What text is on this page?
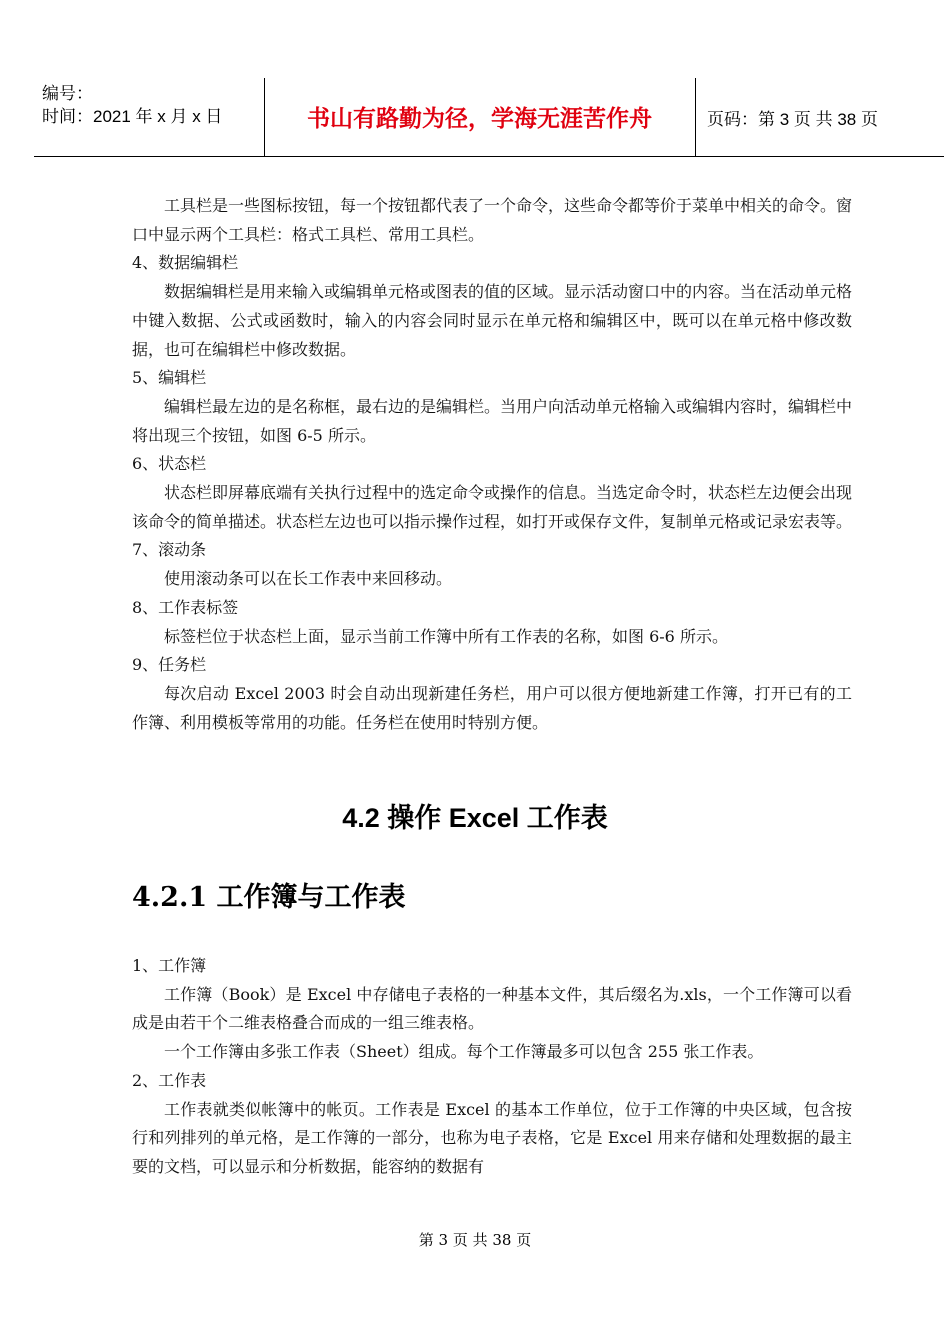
编号：
时间：2021 年 x 月 x 日	书山有路勤为径，学海无涯苦作舟	页码：第 3 页 共 38 页

工具栏是一些图标按钮，每一个按钮都代表了一个命令，这些命令都等价于菜单中相关的命令。窗口中显示两个工具栏：格式工具栏、常用工具栏。

4、数据编辑栏

数据编辑栏是用来输入或编辑单元格或图表的值的区域。显示活动窗口中的内容。当在活动单元格中键入数据、公式或函数时，输入的内容会同时显示在单元格和编辑区中，既可以在单元格中修改数据，也可在编辑栏中修改数据。

5、编辑栏

编辑栏最左边的是名称框，最右边的是编辑栏。当用户向活动单元格输入或编辑内容时，编辑栏中将出现三个按钮，如图 6-5 所示。

6、状态栏

状态栏即屏幕底端有关执行过程中的选定命令或操作的信息。当选定命令时，状态栏左边便会出现该命令的简单描述。状态栏左边也可以指示操作过程，如打开或保存文件，复制单元格或记录宏表等。

7、滚动条

使用滚动条可以在长工作表中来回移动。

8、工作表标签

标签栏位于状态栏上面，显示当前工作簿中所有工作表的名称，如图 6-6 所示。

9、任务栏

每次启动 Excel 2003 时会自动出现新建任务栏，用户可以很方便地新建工作簿，打开已有的工作簿、利用模板等常用的功能。任务栏在使用时特别方便。

4.2 操作 Excel 工作表
4.2.1 工作簿与工作表

1、工作簿

工作簿（Book）是 Excel 中存储电子表格的一种基本文件，其后缀名为.xls，一个工作簿可以看成是由若干个二维表格叠合而成的一组三维表格。

一个工作簿由多张工作表（Sheet）组成。每个工作簿最多可以包含 255 张工作表。

2、工作表

工作表就类似帐簿中的帐页。工作表是 Excel 的基本工作单位，位于工作簿的中央区域，包含按行和列排列的单元格，是工作簿的一部分，也称为电子表格，它是 Excel 用来存储和处理数据的最主要的文档，可以显示和分析数据，能容纳的数据有

第 3 页 共 38 页
